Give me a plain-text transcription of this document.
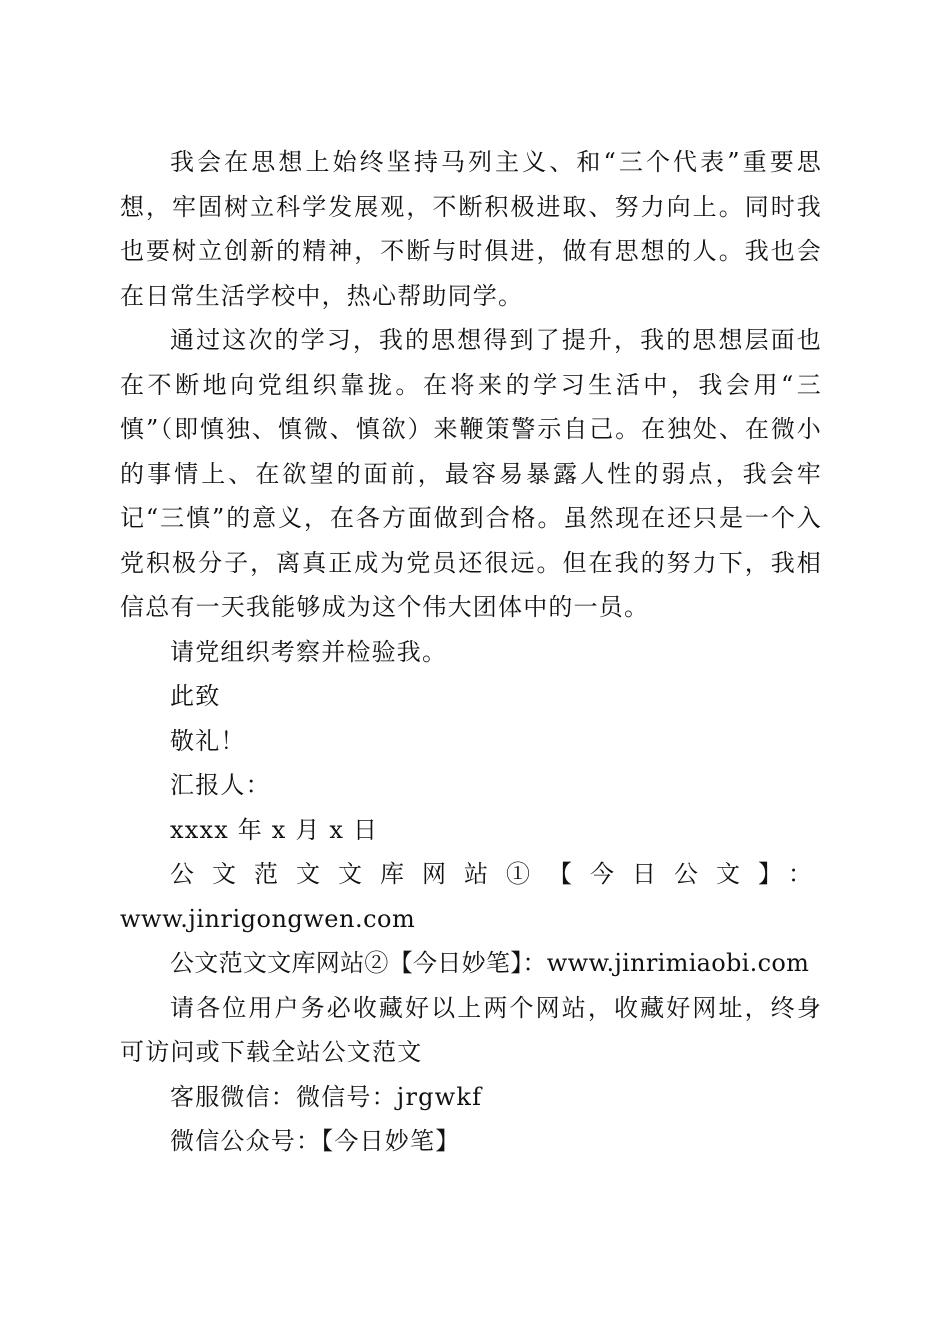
我会在思想上始终坚持马列主义、和“三个代表”重要思想，牢固树立科学发展观，不断积极进取、努力向上。同时我也要树立创新的精神，不断与时俱进，做有思想的人。我也会在日常生活学校中，热心帮助同学。

通过这次的学习，我的思想得到了提升，我的思想层面也在不断地向党组织靠拢。在将来的学习生活中，我会用“三慎”（即慎独、慎微、慎欲）来鞭策警示自己。在独处、在微小的事情上、在欲望的面前，最容易暴露人性的弱点，我会牢记“三慎”的意义，在各方面做到合格。虽然现在还只是一个入党积极分子，离真正成为党员还很远。但在我的努力下，我相信总有一天我能够成为这个伟大团体中的一员。

请党组织考察并检验我。

此致

敬礼！

汇报人：

xxxx 年 x 月 x 日

公文范文文库网站①【今日公文】：

www.jinrigongwen.com

公文范文文库网站②【今日妙笔】：www.jinrimiaobi.com

请各位用户务必收藏好以上两个网站，收藏好网址，终身可访问或下载全站公文范文

客服微信：微信号：jrgwkf

微信公众号：【今日妙笔】
